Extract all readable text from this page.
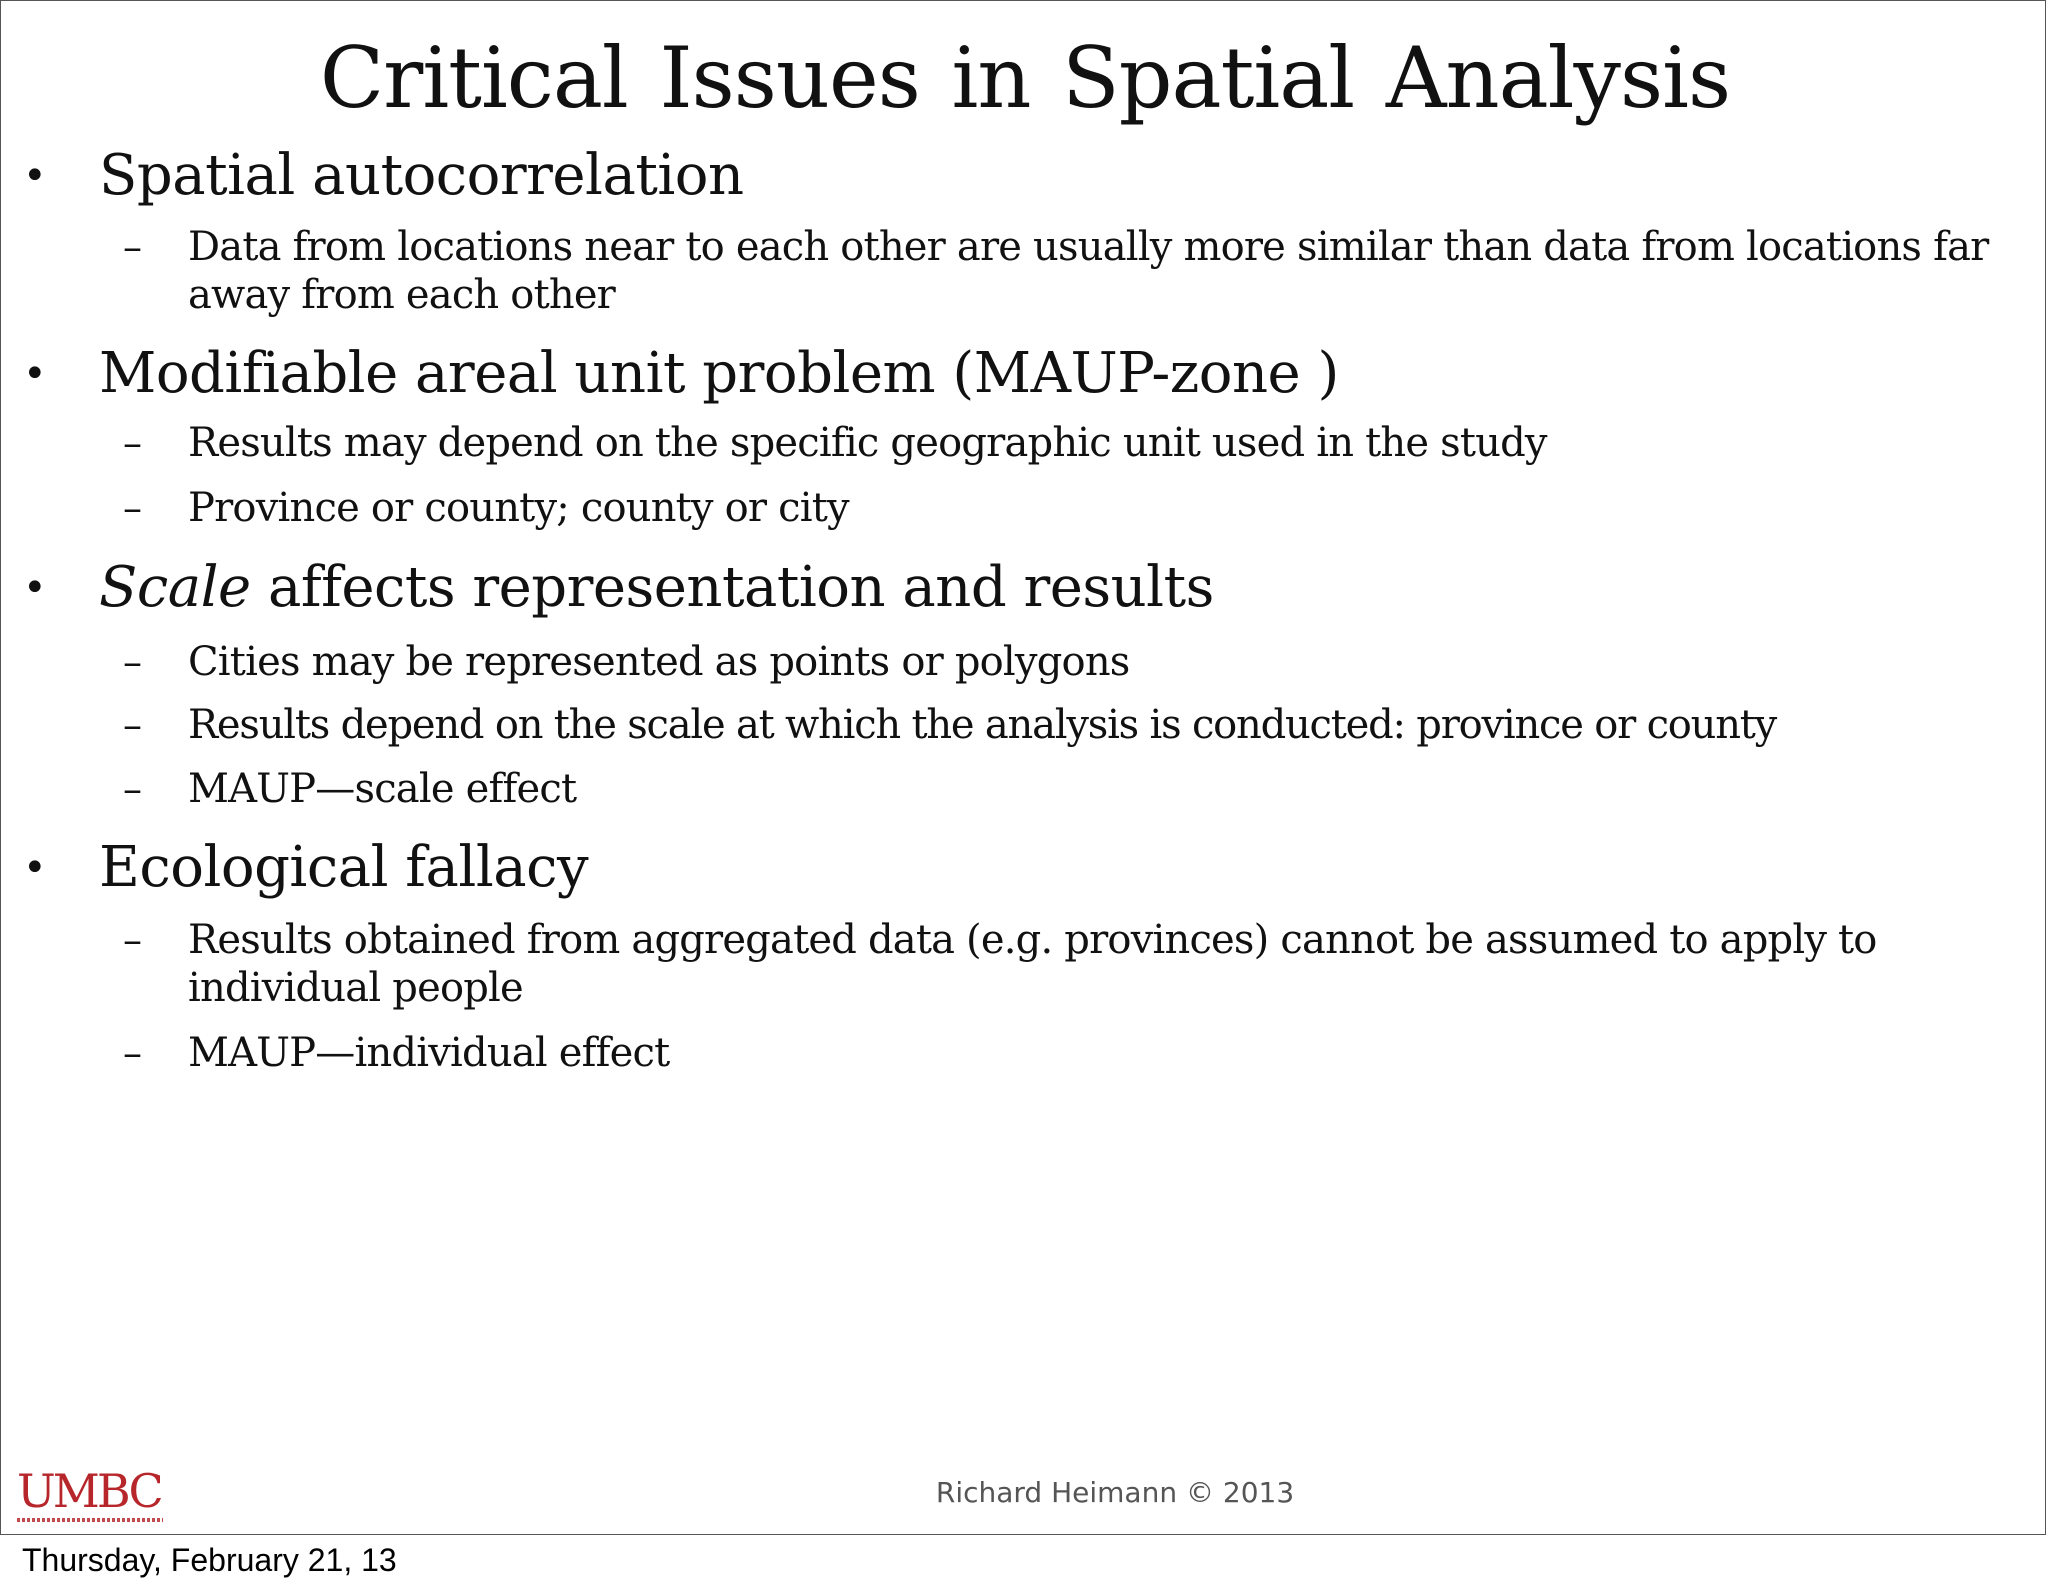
Critical Issues in Spatial Analysis
• Spatial autocorrelation
– Data from locations near to each other are usually more similar than data from locations far away from each other
• Modifiable areal unit problem (MAUP-zone )
– Results may depend on the specific geographic unit used in the study
– Province or county; county or city
• Scale affects representation and results
– Cities may be represented as points or polygons
– Results depend on the scale at which the analysis is conducted: province or county
– MAUP—scale effect
• Ecological fallacy
– Results obtained from aggregated data (e.g. provinces) cannot be assumed to apply to individual people
– MAUP—individual effect
UMBC	Richard Heimann © 2013
Thursday, February 21, 13
